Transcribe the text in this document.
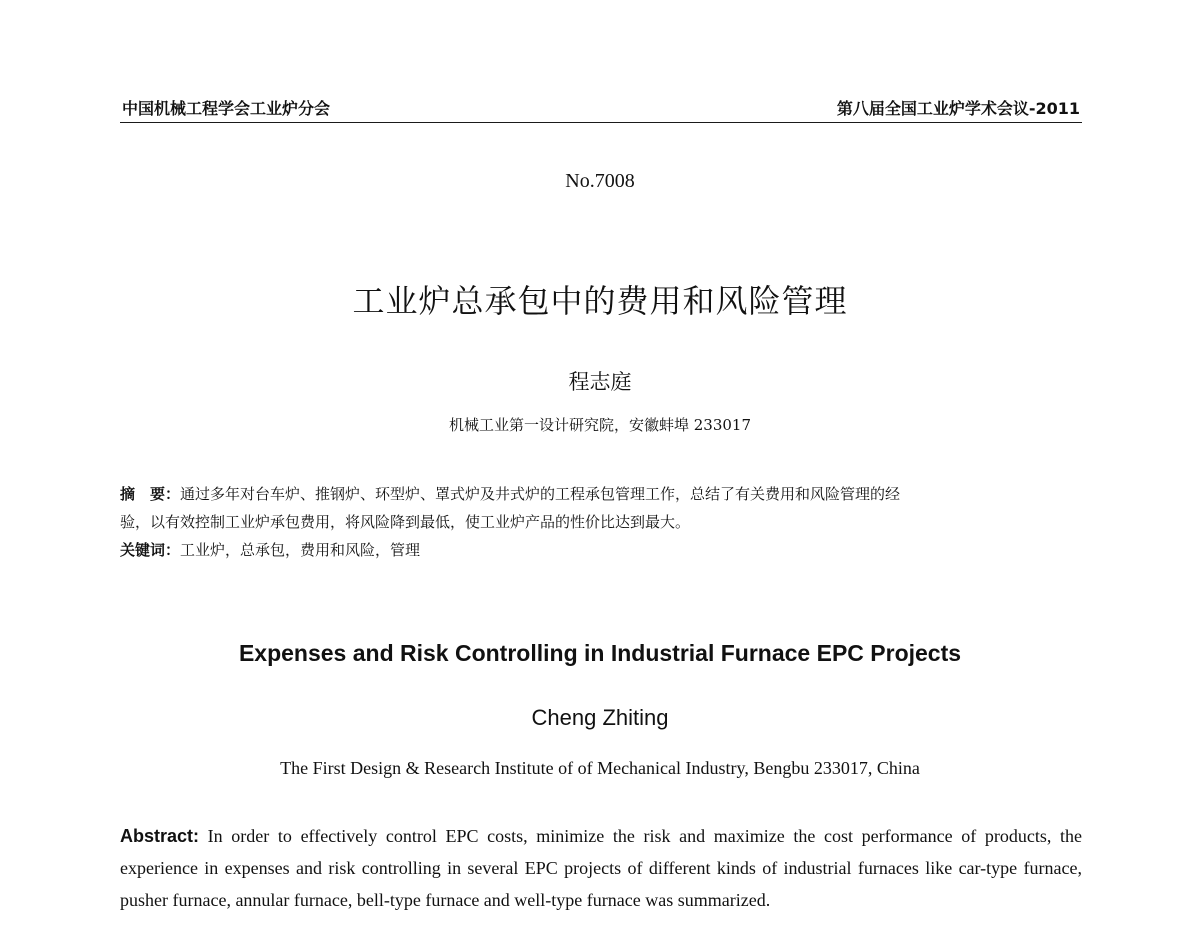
中国机械工程学会工业炉分会	第八届全国工业炉学术会议-2011
No.7008
工业炉总承包中的费用和风险管理
程志庭
机械工业第一设计研究院，安徽蚌埠 233017
摘　要：通过多年对台车炉、推钢炉、环型炉、罩式炉及井式炉的工程承包管理工作，总结了有关费用和风险管理的经
验，以有效控制工业炉承包费用，将风险降到最低，使工业炉产品的性价比达到最大。
关键词：工业炉，总承包，费用和风险，管理
Expenses and Risk Controlling in Industrial Furnace EPC Projects
Cheng Zhiting
The First Design & Research Institute of of Mechanical Industry, Bengbu 233017, China
Abstract: In order to effectively control EPC costs, minimize the risk and maximize the cost performance of products, the experience in expenses and risk controlling in several EPC projects of different kinds of industrial furnaces like car-type furnace, pusher furnace, annular furnace, bell-type furnace and well-type furnace was summarized.
